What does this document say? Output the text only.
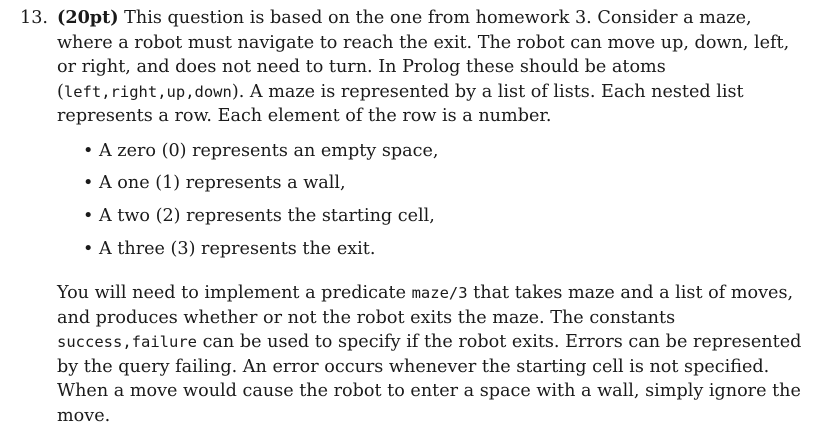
13. (20pt) This question is based on the one from homework 3. Consider a maze, where a robot must navigate to reach the exit. The robot can move up, down, left, or right, and does not need to turn. In Prolog these should be atoms (left,right,up,down). A maze is represented by a list of lists. Each nested list represents a row. Each element of the row is a number.

• A zero (0) represents an empty space,
• A one (1) represents a wall,
• A two (2) represents the starting cell,
• A three (3) represents the exit.

You will need to implement a predicate maze/3 that takes maze and a list of moves, and produces whether or not the robot exits the maze. The constants success,failure can be used to specify if the robot exits. Errors can be represented by the query failing. An error occurs whenever the starting cell is not specified. When a move would cause the robot to enter a space with a wall, simply ignore the move.
